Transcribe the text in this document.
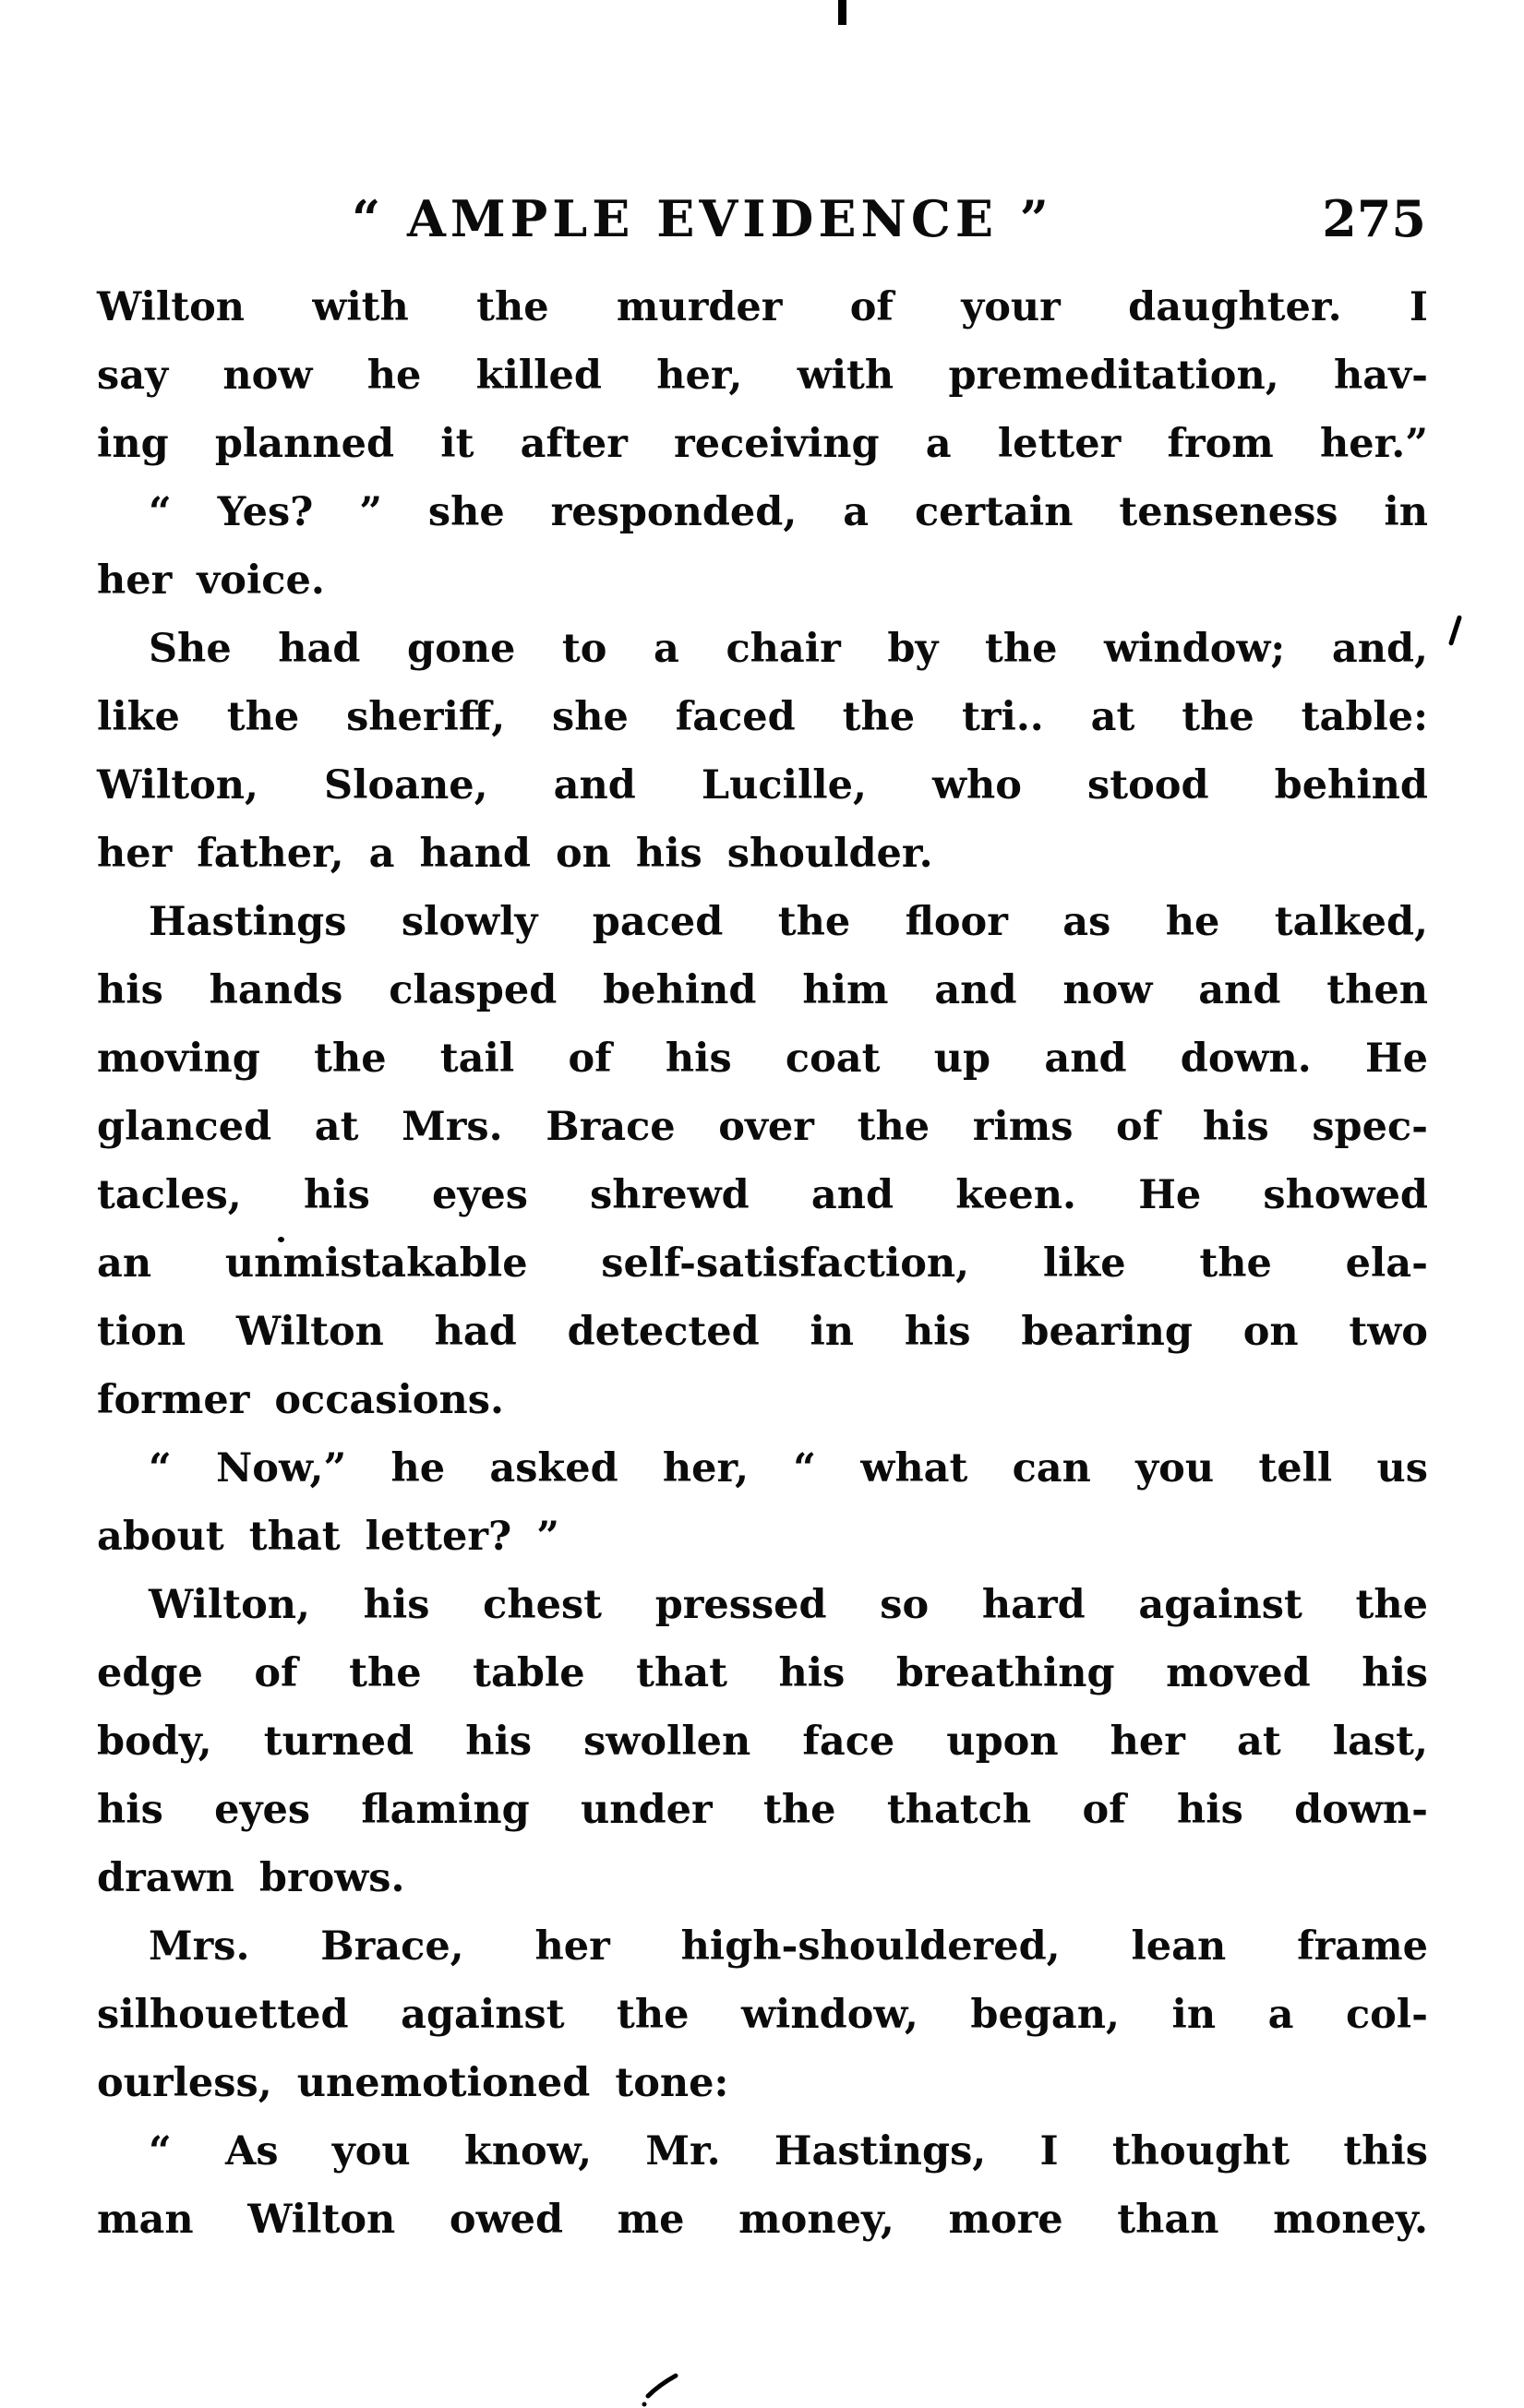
“ AMPLE EVIDENCE ”	275
Wilton with the murder of your daughter. I
say now he killed her, with premeditation, hav-
ing planned it after receiving a letter from her.”
“ Yes? ” she responded, a certain tenseness in
her voice.
She had gone to a chair by the window; and,
like the sheriff, she faced the tri.. at the table:
Wilton, Sloane, and Lucille, who stood behind
her father, a hand on his shoulder.
Hastings slowly paced the floor as he talked,
his hands clasped behind him and now and then
moving the tail of his coat up and down. He
glanced at Mrs. Brace over the rims of his spec-
tacles, his eyes shrewd and keen. He showed
an unmistakable self-satisfaction, like the ela-
tion Wilton had detected in his bearing on two
former occasions.
“ Now,” he asked her, “ what can you tell us
about that letter? ”
Wilton, his chest pressed so hard against the
edge of the table that his breathing moved his
body, turned his swollen face upon her at last,
his eyes flaming under the thatch of his down-
drawn brows.
Mrs. Brace, her high-shouldered, lean frame
silhouetted against the window, began, in a col-
ourless, unemotioned tone:
“ As you know, Mr. Hastings, I thought this
man Wilton owed me money, more than money.
